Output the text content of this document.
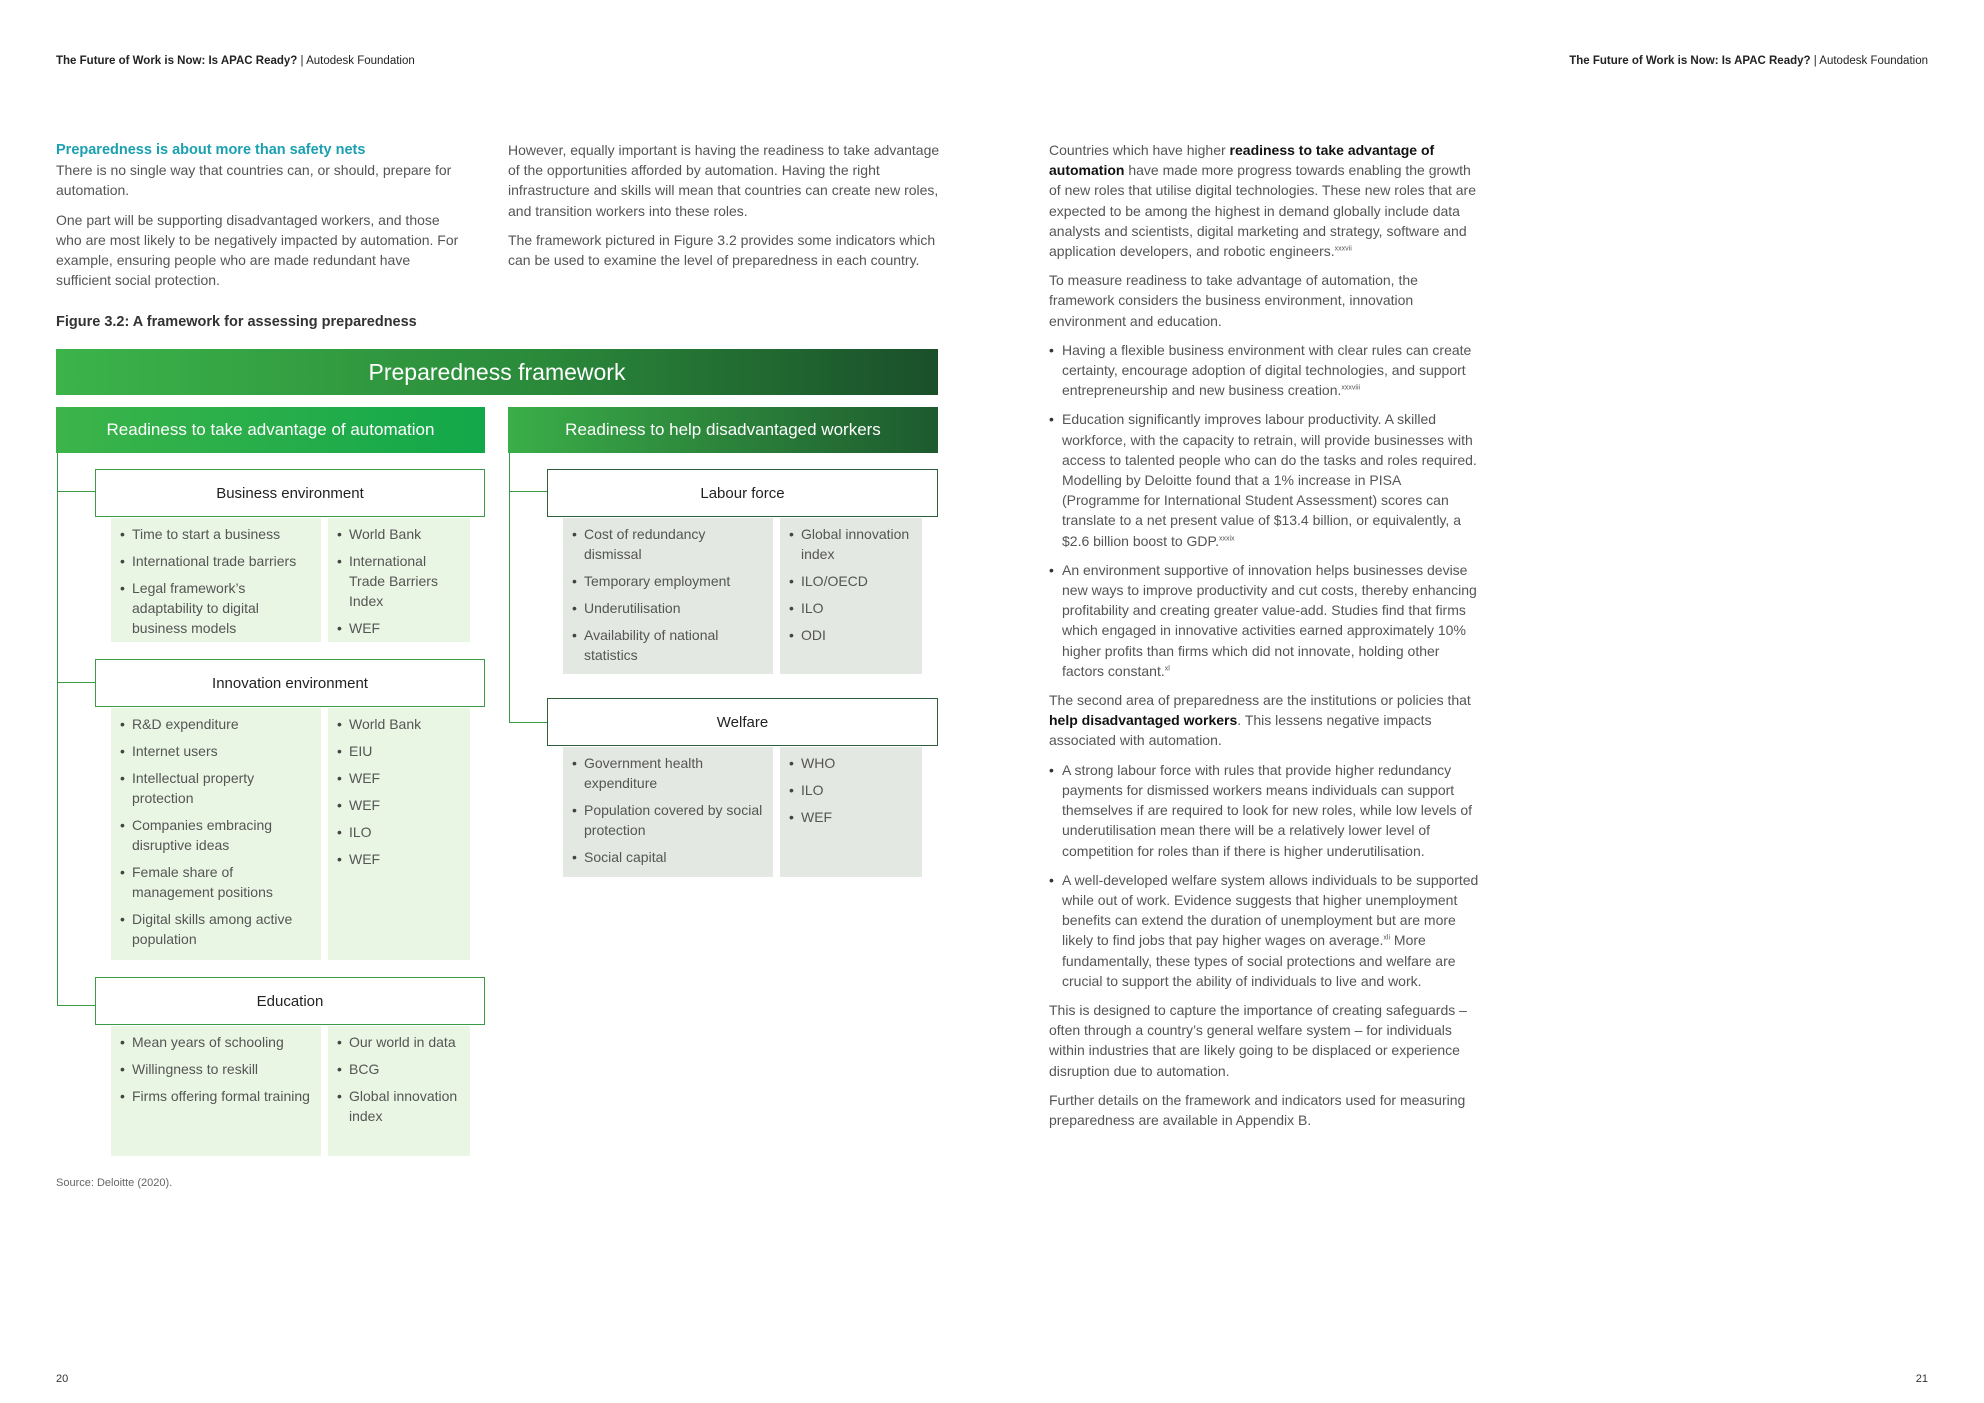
The Future of Work is Now: Is APAC Ready? | Autodesk Foundation	The Future of Work is Now: Is APAC Ready? | Autodesk Foundation
Preparedness is about more than safety nets

There is no single way that countries can, or should, prepare for automation.

One part will be supporting disadvantaged workers, and those who are most likely to be negatively impacted by automation. For example, ensuring people who are made redundant have sufficient social protection.

However, equally important is having the readiness to take advantage of the opportunities afforded by automation. Having the right infrastructure and skills will mean that countries can create new roles, and transition workers into these roles.

The framework pictured in Figure 3.2 provides some indicators which can be used to examine the level of preparedness in each country.

Figure 3.2: A framework for assessing preparedness
Preparedness framework
Readiness to take advantage of automation	Readiness to help disadvantaged workers
Business environment
• Time to start a business
• International trade barriers
• Legal framework’s adaptability to digital business models
• World Bank
• International Trade Barriers Index
• WEF
Innovation environment
• R&D expenditure
• Internet users
• Intellectual property protection
• Companies embracing disruptive ideas
• Female share of management positions
• Digital skills among active population
• World Bank
• EIU
• WEF
• WEF
• ILO
• WEF
Education
• Mean years of schooling
• Willingness to reskill
• Firms offering formal training
• Our world in data
• BCG
• Global innovation index
Labour force
• Cost of redundancy dismissal
• Temporary employment
• Underutilisation
• Availability of national statistics
• Global innovation index
• ILO/OECD
• ILO
• ODI
Welfare
• Government health expenditure
• Population covered by social protection
• Social capital
• WHO
• ILO
• WEF
Source: Deloitte (2020).

Countries which have higher readiness to take advantage of automation have made more progress towards enabling the growth of new roles that utilise digital technologies. These new roles that are expected to be among the highest in demand globally include data analysts and scientists, digital marketing and strategy, software and application developers, and robotic engineers.$^{xxxvii}$

To measure readiness to take advantage of automation, the framework considers the business environment, innovation environment and education.

• Having a flexible business environment with clear rules can create certainty, encourage adoption of digital technologies, and support entrepreneurship and new business creation.$^{xxxviii}$
• Education significantly improves labour productivity. A skilled workforce, with the capacity to retrain, will provide businesses with access to talented people who can do the tasks and roles required. Modelling by Deloitte found that a 1% increase in PISA (Programme for International Student Assessment) scores can translate to a net present value of $13.4 billion, or equivalently, a $2.6 billion boost to GDP.$^{xxxix}$
• An environment supportive of innovation helps businesses devise new ways to improve productivity and cut costs, thereby enhancing profitability and creating greater value-add. Studies find that firms which engaged in innovative activities earned approximately 10% higher profits than firms which did not innovate, holding other factors constant.$^{xl}$

The second area of preparedness are the institutions or policies that help disadvantaged workers. This lessens negative impacts associated with automation.

• A strong labour force with rules that provide higher redundancy payments for dismissed workers means individuals can support themselves if are required to look for new roles, while low levels of underutilisation mean there will be a relatively lower level of competition for roles than if there is higher underutilisation.
• A well-developed welfare system allows individuals to be supported while out of work. Evidence suggests that higher unemployment benefits can extend the duration of unemployment but are more likely to find jobs that pay higher wages on average.$^{xli}$ More fundamentally, these types of social protections and welfare are crucial to support the ability of individuals to live and work.

This is designed to capture the importance of creating safeguards – often through a country’s general welfare system – for individuals within industries that are likely going to be displaced or experience disruption due to automation.

Further details on the framework and indicators used for measuring preparedness are available in Appendix B.

20	21
